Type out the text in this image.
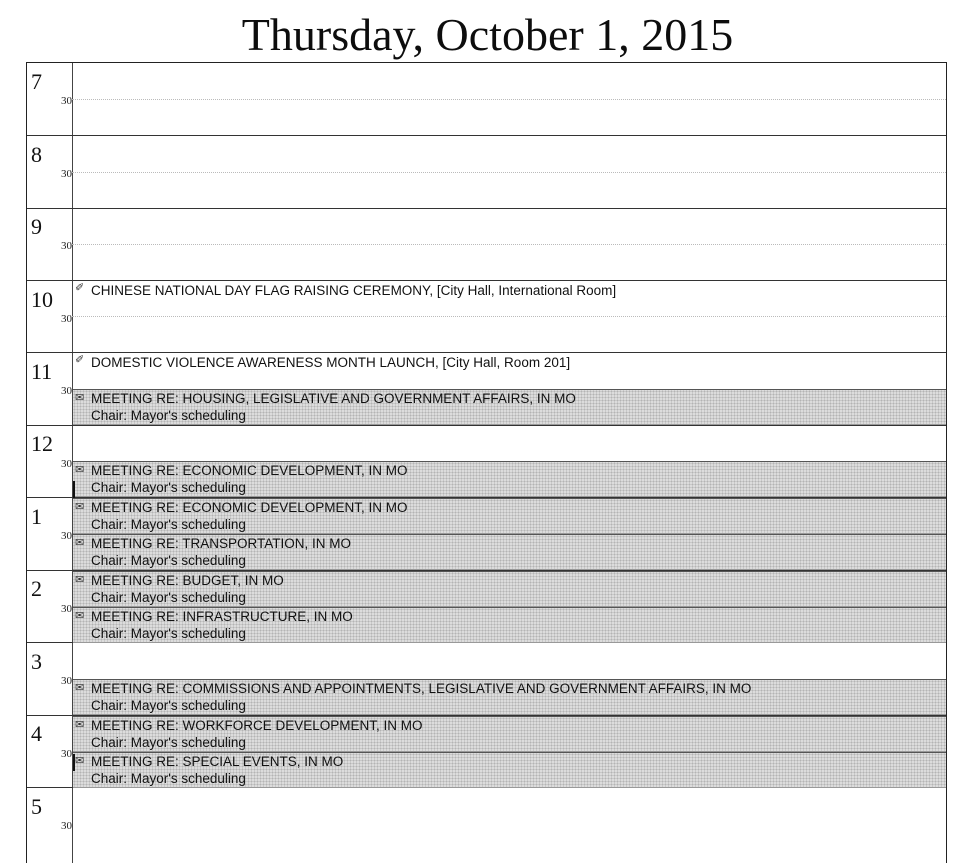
Thursday, October 1, 2015
7
8
9
10
11
12
1
2
3
4
5
30
30
30
30
30
30
30
30
30
30
30
✐ CHINESE NATIONAL DAY FLAG RAISING CEREMONY, [City Hall, International Room]
✐ DOMESTIC VIOLENCE AWARENESS MONTH LAUNCH, [City Hall, Room 201]
✉ MEETING RE: HOUSING, LEGISLATIVE AND GOVERNMENT AFFAIRS, IN MO
Chair: Mayor's scheduling
✉ MEETING RE: ECONOMIC DEVELOPMENT, IN MO
Chair: Mayor's scheduling
✉ MEETING RE: ECONOMIC DEVELOPMENT, IN MO
Chair: Mayor's scheduling
✉ MEETING RE: TRANSPORTATION, IN MO
Chair: Mayor's scheduling
✉ MEETING RE: BUDGET, IN MO
Chair: Mayor's scheduling
✉ MEETING RE: INFRASTRUCTURE, IN MO
Chair: Mayor's scheduling
✉ MEETING RE: COMMISSIONS AND APPOINTMENTS, LEGISLATIVE AND GOVERNMENT AFFAIRS, IN MO
Chair: Mayor's scheduling
✉ MEETING RE: WORKFORCE DEVELOPMENT, IN MO
Chair: Mayor's scheduling
✉ MEETING RE: SPECIAL EVENTS, IN MO
Chair: Mayor's scheduling
